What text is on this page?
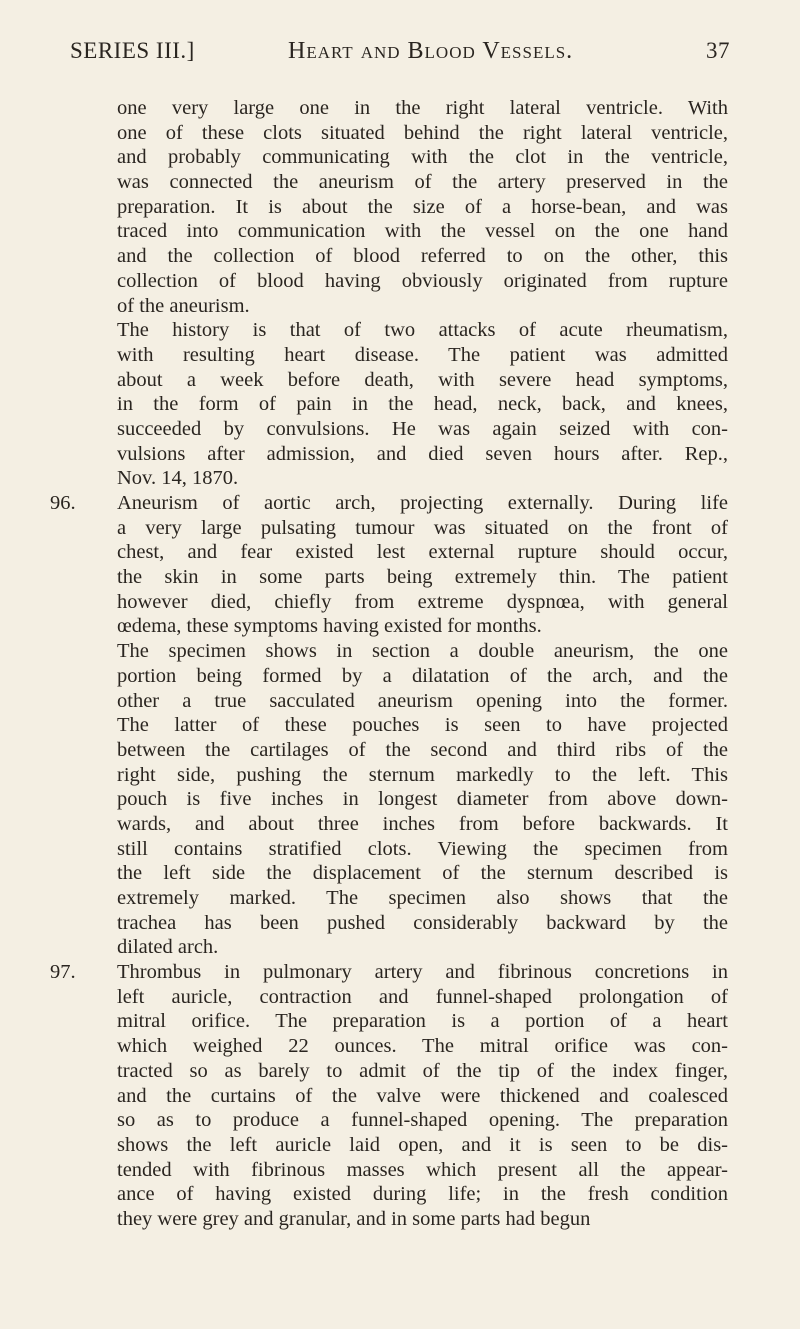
SERIES III.]	Heart and Blood Vessels.	37
one very large one in the right lateral ventricle. With
one of these clots situated behind the right lateral ventricle,
and probably communicating with the clot in the ventricle,
was connected the aneurism of the artery preserved in the
preparation. It is about the size of a horse-bean, and was
traced into communication with the vessel on the one hand
and the collection of blood referred to on the other, this
collection of blood having obviously originated from rupture
of the aneurism.
The history is that of two attacks of acute rheumatism,
with resulting heart disease. The patient was admitted
about a week before death, with severe head symptoms,
in the form of pain in the head, neck, back, and knees,
succeeded by convulsions. He was again seized with con-
vulsions after admission, and died seven hours after. Rep.,
Nov. 14, 1870.
96.	Aneurism of aortic arch, projecting externally. During life
a very large pulsating tumour was situated on the front of
chest, and fear existed lest external rupture should occur,
the skin in some parts being extremely thin. The patient
however died, chiefly from extreme dyspnœa, with general
œdema, these symptoms having existed for months.
The specimen shows in section a double aneurism, the one
portion being formed by a dilatation of the arch, and the
other a true sacculated aneurism opening into the former.
The latter of these pouches is seen to have projected
between the cartilages of the second and third ribs of the
right side, pushing the sternum markedly to the left. This
pouch is five inches in longest diameter from above down-
wards, and about three inches from before backwards. It
still contains stratified clots. Viewing the specimen from
the left side the displacement of the sternum described is
extremely marked. The specimen also shows that the
trachea has been pushed considerably backward by the
dilated arch.
97.	Thrombus in pulmonary artery and fibrinous concretions in
left auricle, contraction and funnel-shaped prolongation of
mitral orifice. The preparation is a portion of a heart
which weighed 22 ounces. The mitral orifice was con-
tracted so as barely to admit of the tip of the index finger,
and the curtains of the valve were thickened and coalesced
so as to produce a funnel-shaped opening. The preparation
shows the left auricle laid open, and it is seen to be dis-
tended with fibrinous masses which present all the appear-
ance of having existed during life; in the fresh condition
they were grey and granular, and in some parts had begun
